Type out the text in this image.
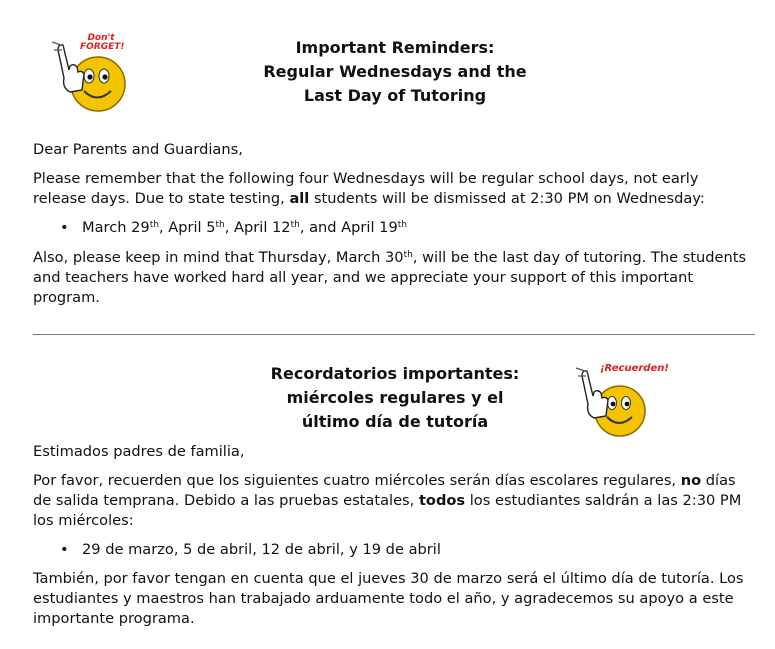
Don't
FORGET!	Important Reminders:
Regular Wednesdays and the
Last Day of Tutoring

Dear Parents and Guardians,

Please remember that the following four Wednesdays will be regular school days, not early release days. Due to state testing, all students will be dismissed at 2:30 PM on Wednesday:

• March 29th, April 5th, April 12th, and April 19th

Also, please keep in mind that Thursday, March 30th, will be the last day of tutoring. The students and teachers have worked hard all year, and we appreciate your support of this important program.

Recordatorios importantes:
miércoles regulares y el
último día de tutoría
¡Recuerden!

Estimados padres de familia,

Por favor, recuerden que los siguientes cuatro miércoles serán días escolares regulares, no días de salida temprana. Debido a las pruebas estatales, todos los estudiantes saldrán a las 2:30 PM los miércoles:

• 29 de marzo, 5 de abril, 12 de abril, y 19 de abril

También, por favor tengan en cuenta que el jueves 30 de marzo será el último día de tutoría. Los estudiantes y maestros han trabajado arduamente todo el año, y agradecemos su apoyo a este importante programa.
